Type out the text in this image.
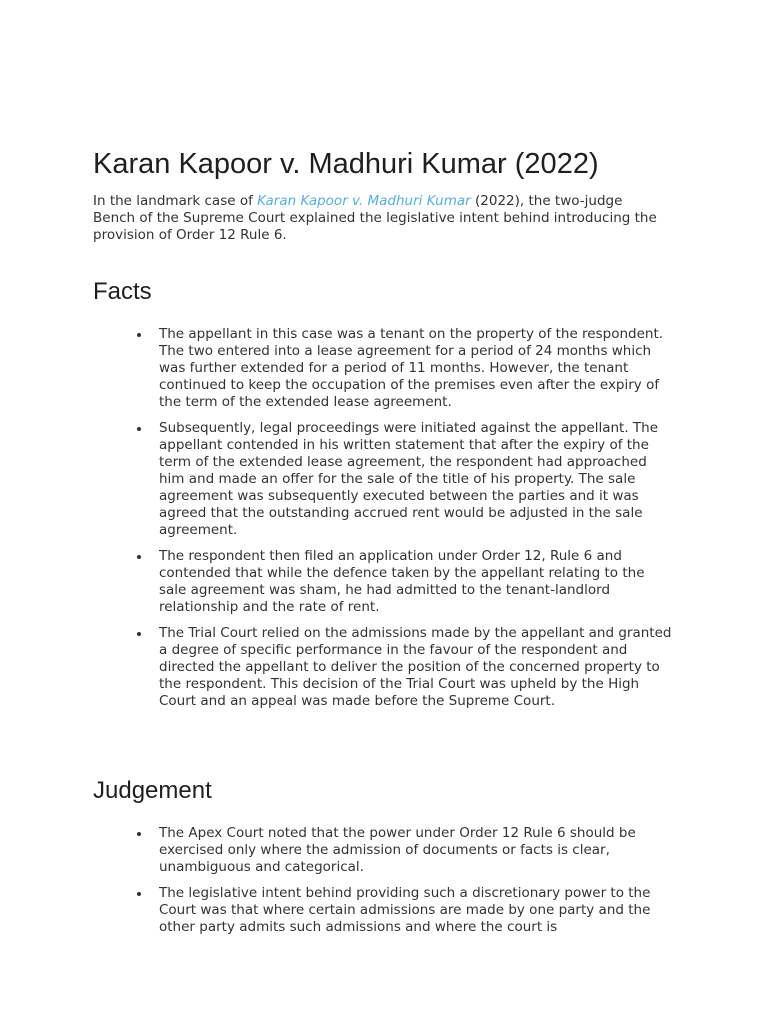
Karan Kapoor v. Madhuri Kumar (2022)

In the landmark case of Karan Kapoor v. Madhuri Kumar (2022), the two-judge Bench of the Supreme Court explained the legislative intent behind introducing the provision of Order 12 Rule 6.

Facts
The appellant in this case was a tenant on the property of the respondent. The two entered into a lease agreement for a period of 24 months which was further extended for a period of 11 months. However, the tenant continued to keep the occupation of the premises even after the expiry of the term of the extended lease agreement.
Subsequently, legal proceedings were initiated against the appellant. The appellant contended in his written statement that after the expiry of the term of the extended lease agreement, the respondent had approached him and made an offer for the sale of the title of his property. The sale agreement was subsequently executed between the parties and it was agreed that the outstanding accrued rent would be adjusted in the sale agreement.
The respondent then filed an application under Order 12, Rule 6 and contended that while the defence taken by the appellant relating to the sale agreement was sham, he had admitted to the tenant-landlord relationship and the rate of rent.
The Trial Court relied on the admissions made by the appellant and granted a degree of specific performance in the favour of the respondent and directed the appellant to deliver the position of the concerned property to the respondent. This decision of the Trial Court was upheld by the High Court and an appeal was made before the Supreme Court.
Judgement
The Apex Court noted that the power under Order 12 Rule 6 should be exercised only where the admission of documents or facts is clear, unambiguous and categorical.
The legislative intent behind providing such a discretionary power to the Court was that where certain admissions are made by one party and the other party admits such admissions and where the court is
